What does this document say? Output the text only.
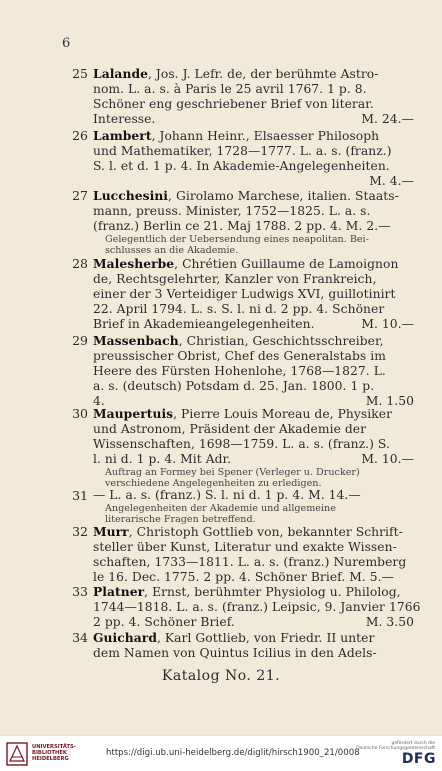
6
25 Lalande, Jos. J. Lefr. de, der berühmte Astro-
nom. L. a. s. à Paris le 25 avril 1767. 1 p. 8.
Schöner eng geschriebener Brief von literar.
M. 24.—
Interesse.
26 Lambert, Johann Heinr., Elsaesser Philosoph
und Mathematiker, 1728—1777. L. a. s. (franz.)
S. l. et d. 1 p. 4. In Akademie-Angelegenheiten.
M. 4.—
27 Lucchesini, Girolamo Marchese, italien. Staats-
mann, preuss. Minister, 1752—1825. L. a. s.
(franz.) Berlin ce 21. Maj 1788. 2 pp. 4. M. 2.—
Gelegentlich der Uebersendung eines neapolitan. Bei-
schlusses an die Akademie.
28 Malesherbe, Chrétien Guillaume de Lamoignon
de, Rechtsgelehrter, Kanzler von Frankreich,
einer der 3 Verteidiger Ludwigs XVI, guillotinirt
22. April 1794. L. s. S. l. ni d. 2 pp. 4. Schöner
M. 10.—
Brief in Akademieangelegenheiten.
29 Massenbach, Christian, Geschichtsschreiber,
preussischer Obrist, Chef des Generalstabs im
Heere des Fürsten Hohenlohe, 1768—1827. L.
a. s. (deutsch) Potsdam d. 25. Jan. 1800. 1 p.
M. 1.50
4.
30 Maupertuis, Pierre Louis Moreau de, Physiker
und Astronom, Präsident der Akademie der
Wissenschaften, 1698—1759. L. a. s. (franz.) S.
M. 10.—
l. ni d. 1 p. 4. Mit Adr.
Auftrag an Formey bei Spener (Verleger u. Drucker)
verschiedene Angelegenheiten zu erledigen.
31 — L. a. s. (franz.) S. l. ni d. 1 p. 4. M. 14.—
Angelegenheiten der Akademie und allgemeine
literarische Fragen betreffend.
32 Murr, Christoph Gottlieb von, bekannter Schrift-
steller über Kunst, Literatur und exakte Wissen-
schaften, 1733—1811. L. a. s. (franz.) Nuremberg
le 16. Dec. 1775. 2 pp. 4. Schöner Brief. M. 5.—
33 Platner, Ernst, berühmter Physiolog u. Philolog,
1744—1818. L. a. s. (franz.) Leipsic, 9. Janvier 1766
M. 3.50
2 pp. 4. Schöner Brief.
34 Guichard, Karl Gottlieb, von Friedr. II unter
dem Namen von Quintus Icilius in den Adels-
Katalog No. 21.
UNIVERSITÄTS-
BIBLIOTHEK
HEIDELBERG
https://digi.ub.uni-heidelberg.de/diglit/hirsch1900_21/0008
gefördert durch die
Deutsche Forschungsgemeinschaft
DFG
